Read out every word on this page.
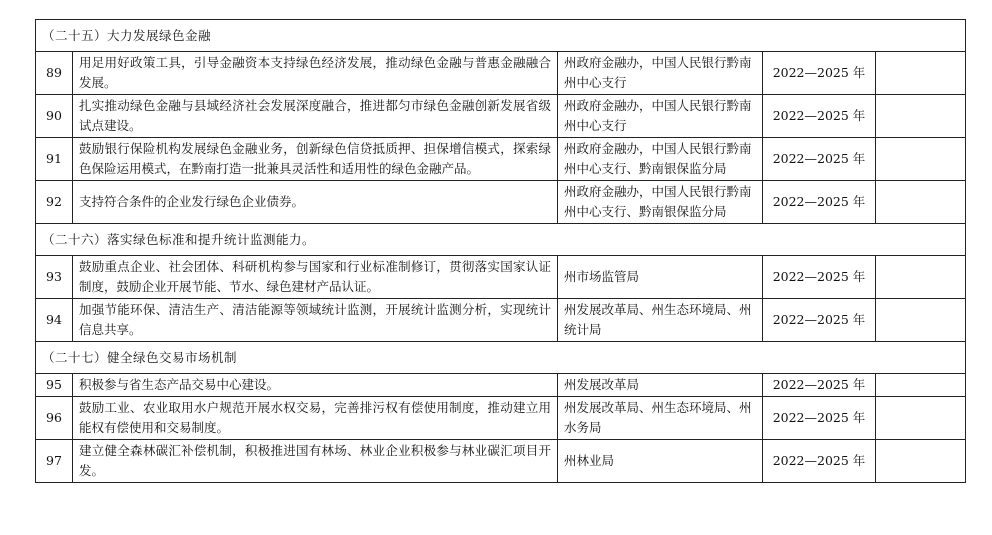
（二十五）大力发展绿色金融				
89	用足用好政策工具，引导金融资本支持绿色经济发展，推动绿色金融与普惠金融融合发展。	州政府金融办，中国人民银行黔南州中心支行	2022—2025 年	
90	扎实推动绿色金融与县域经济社会发展深度融合，推进都匀市绿色金融创新发展省级试点建设。	州政府金融办，中国人民银行黔南州中心支行	2022—2025 年	
91	鼓励银行保险机构发展绿色金融业务，创新绿色信贷抵质押、担保增信模式，探索绿色保险运用模式，在黔南打造一批兼具灵活性和适用性的绿色金融产品。	州政府金融办，中国人民银行黔南州中心支行、黔南银保监分局	2022—2025 年	
92	支持符合条件的企业发行绿色企业债券。	州政府金融办，中国人民银行黔南州中心支行、黔南银保监分局	2022—2025 年	
（二十六）落实绿色标准和提升统计监测能力。				
93	鼓励重点企业、社会团体、科研机构参与国家和行业标准制修订，贯彻落实国家认证制度，鼓励企业开展节能、节水、绿色建材产品认证。	州市场监管局	2022—2025 年	
94	加强节能环保、清洁生产、清洁能源等领域统计监测，开展统计监测分析，实现统计信息共享。	州发展改革局、州生态环境局、州统计局	2022—2025 年	
（二十七）健全绿色交易市场机制				
95	积极参与省生态产品交易中心建设。	州发展改革局	2022—2025 年	
96	鼓励工业、农业取用水户规范开展水权交易，完善排污权有偿使用制度，推动建立用能权有偿使用和交易制度。	州发展改革局、州生态环境局、州水务局	2022—2025 年	
97	建立健全森林碳汇补偿机制，积极推进国有林场、林业企业积极参与林业碳汇项目开发。	州林业局	2022—2025 年	
